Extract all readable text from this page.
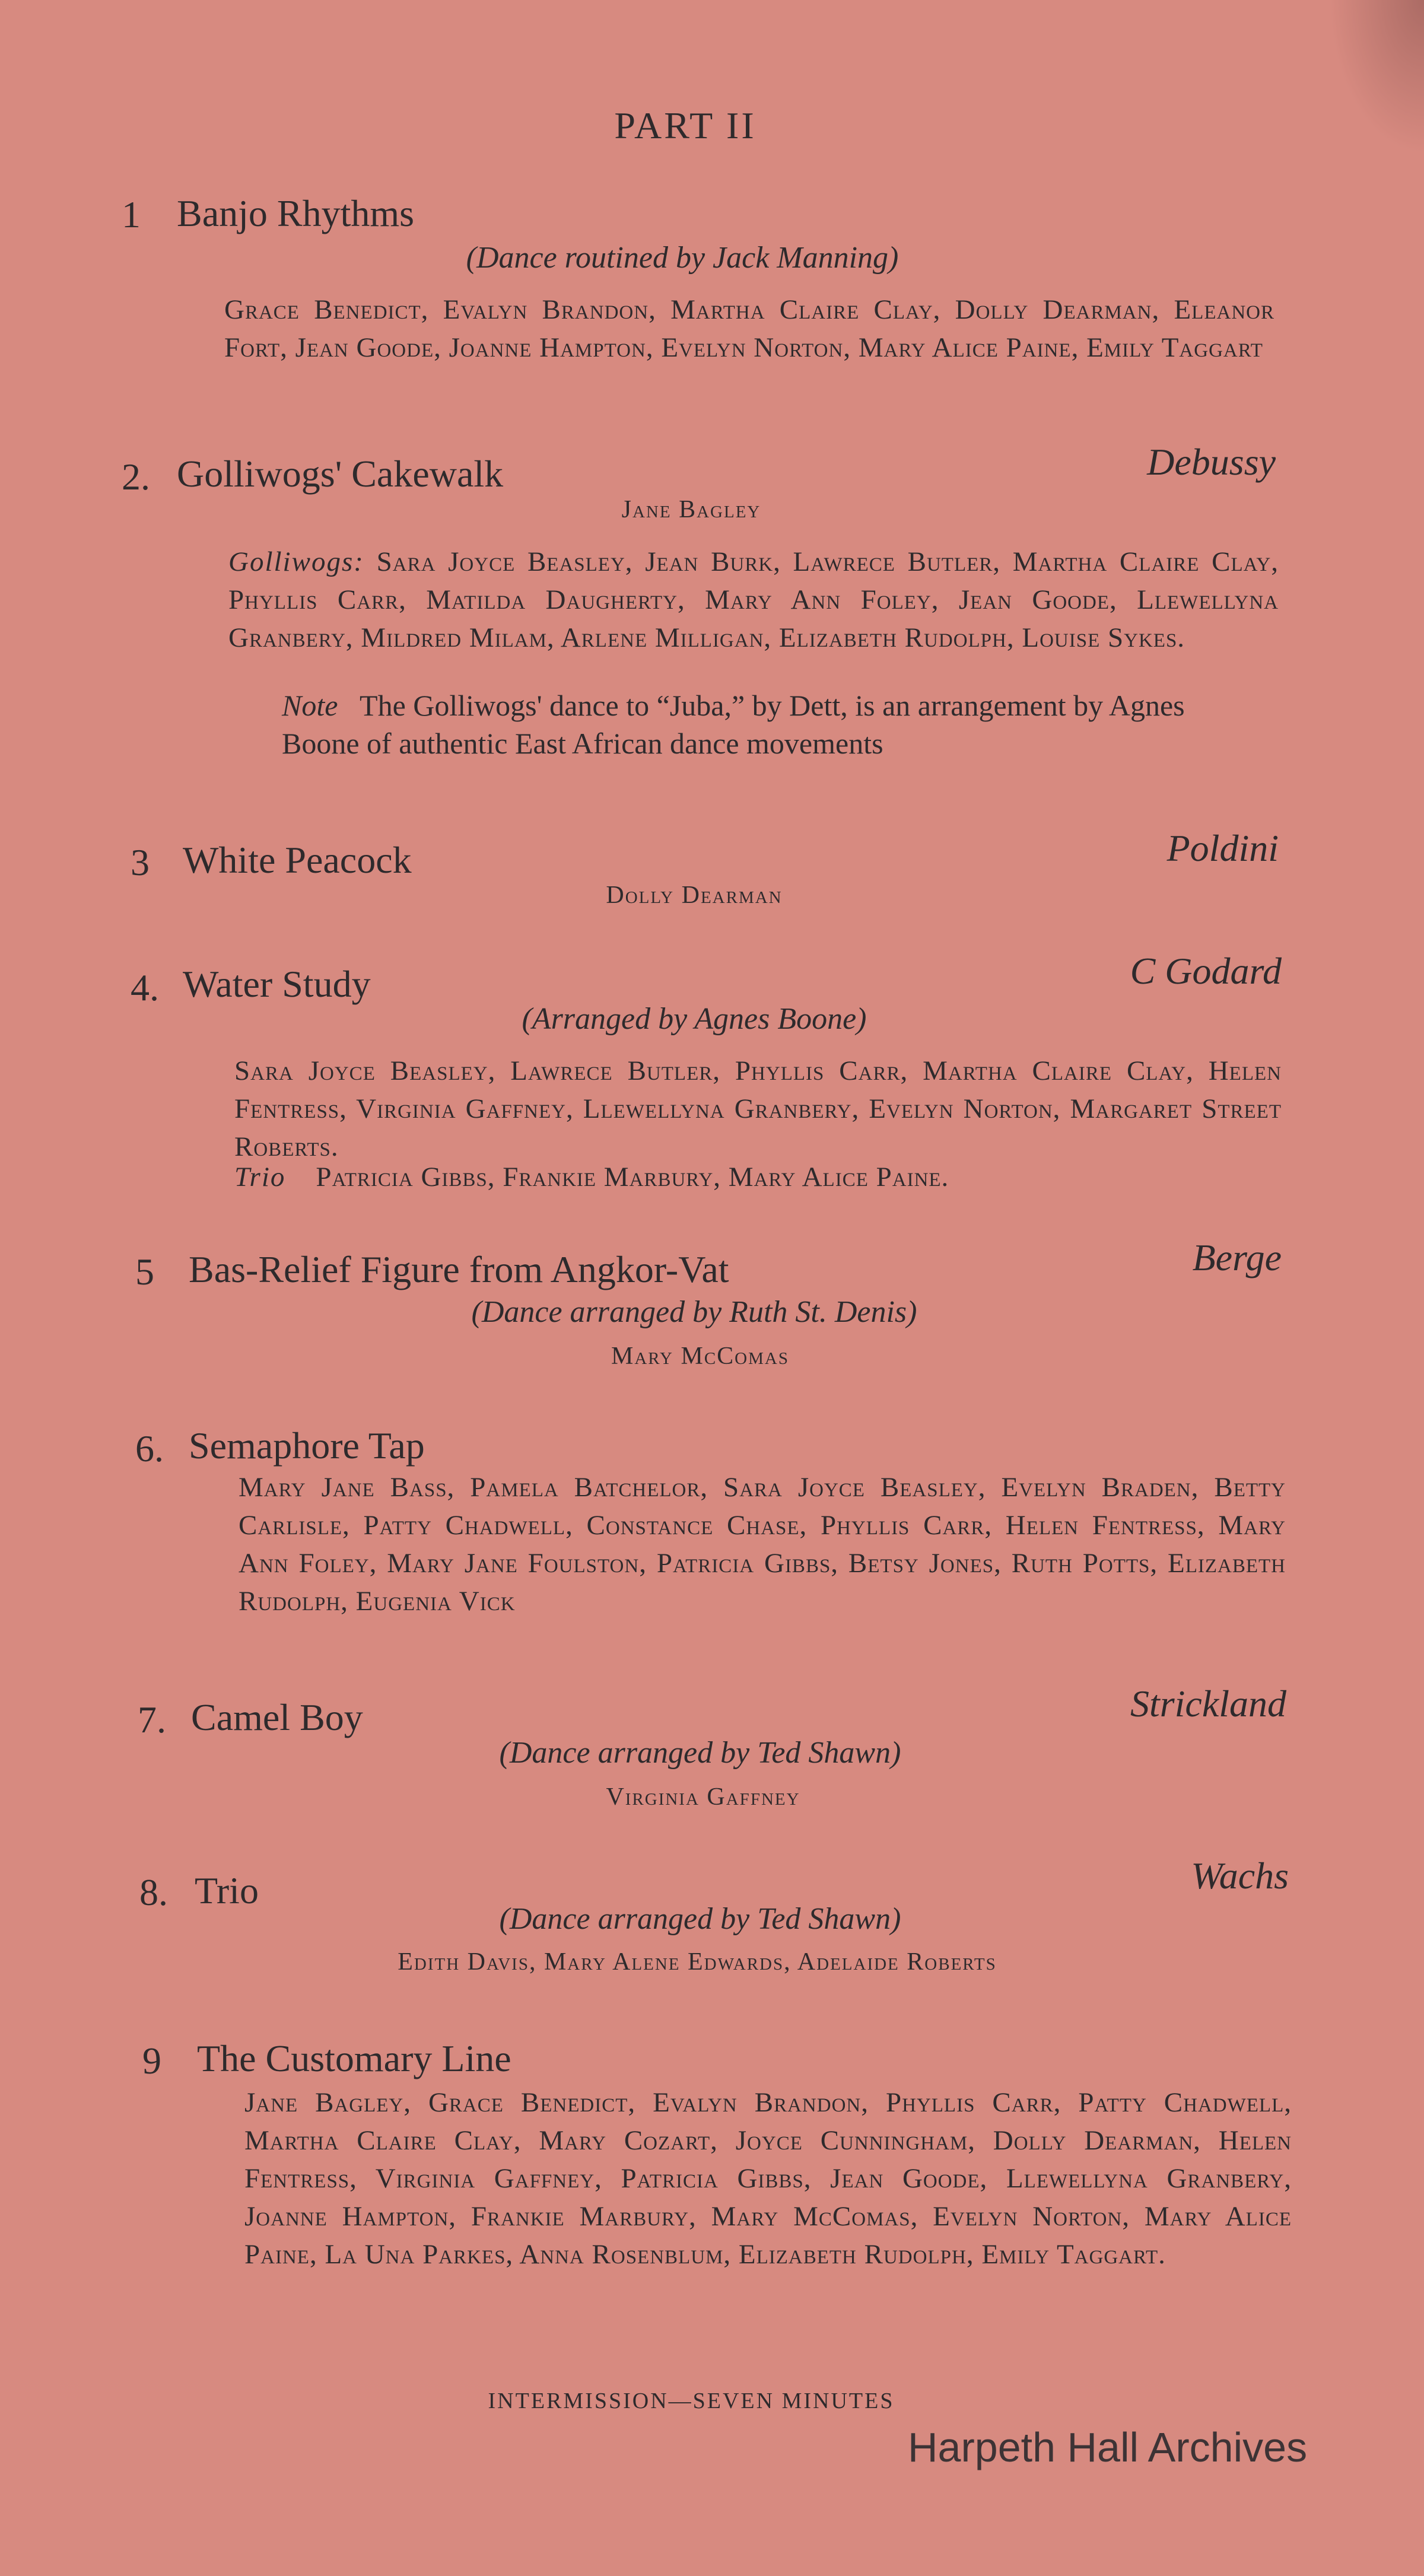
PART II
1 Banjo Rhythms
(Dance routined by Jack Manning)
Grace Benedict, Evalyn Brandon, Martha Claire Clay, Dolly Dearman, Eleanor Fort, Jean Goode, Joanne Hampton, Evelyn Norton, Mary Alice Paine, Emily Taggart
2. Golliwogs' Cakewalk	Debussy
Jane Bagley
Golliwogs: Sara Joyce Beasley, Jean Burk, Lawrece Butler, Martha Claire Clay, Phyllis Carr, Matilda Daugherty, Mary Ann Foley, Jean Goode, Llewellyna Granbery, Mildred Milam, Arlene Milligan, Elizabeth Rudolph, Louise Sykes.
Note The Golliwogs' dance to “Juba,” by Dett, is an arrangement by Agnes Boone of authentic East African dance movements
3 White Peacock	Poldini
Dolly Dearman
4. Water Study	C Godard
(Arranged by Agnes Boone)
Sara Joyce Beasley, Lawrece Butler, Phyllis Carr, Martha Claire Clay, Helen Fentress, Virginia Gaffney, Llewellyna Granbery, Evelyn Norton, Margaret Street Roberts.
Trio Patricia Gibbs, Frankie Marbury, Mary Alice Paine.
5 Bas-Relief Figure from Angkor-Vat	Berge
(Dance arranged by Ruth St. Denis)
Mary McComas
6. Semaphore Tap
Mary Jane Bass, Pamela Batchelor, Sara Joyce Beasley, Evelyn Braden, Betty Carlisle, Patty Chadwell, Constance Chase, Phyllis Carr, Helen Fentress, Mary Ann Foley, Mary Jane Foulston, Patricia Gibbs, Betsy Jones, Ruth Potts, Elizabeth Rudolph, Eugenia Vick
7. Camel Boy	Strickland
(Dance arranged by Ted Shawn)
Virginia Gaffney
8. Trio	Wachs
(Dance arranged by Ted Shawn)
Edith Davis, Mary Alene Edwards, Adelaide Roberts
9 The Customary Line
Jane Bagley, Grace Benedict, Evalyn Brandon, Phyllis Carr, Patty Chadwell, Martha Claire Clay, Mary Cozart, Joyce Cunningham, Dolly Dearman, Helen Fentress, Virginia Gaffney, Patricia Gibbs, Jean Goode, Llewellyna Granbery, Joanne Hampton, Frankie Marbury, Mary McComas, Evelyn Norton, Mary Alice Paine, La Una Parkes, Anna Rosenblum, Elizabeth Rudolph, Emily Taggart.
INTERMISSION—SEVEN MINUTES
Harpeth Hall Archives
